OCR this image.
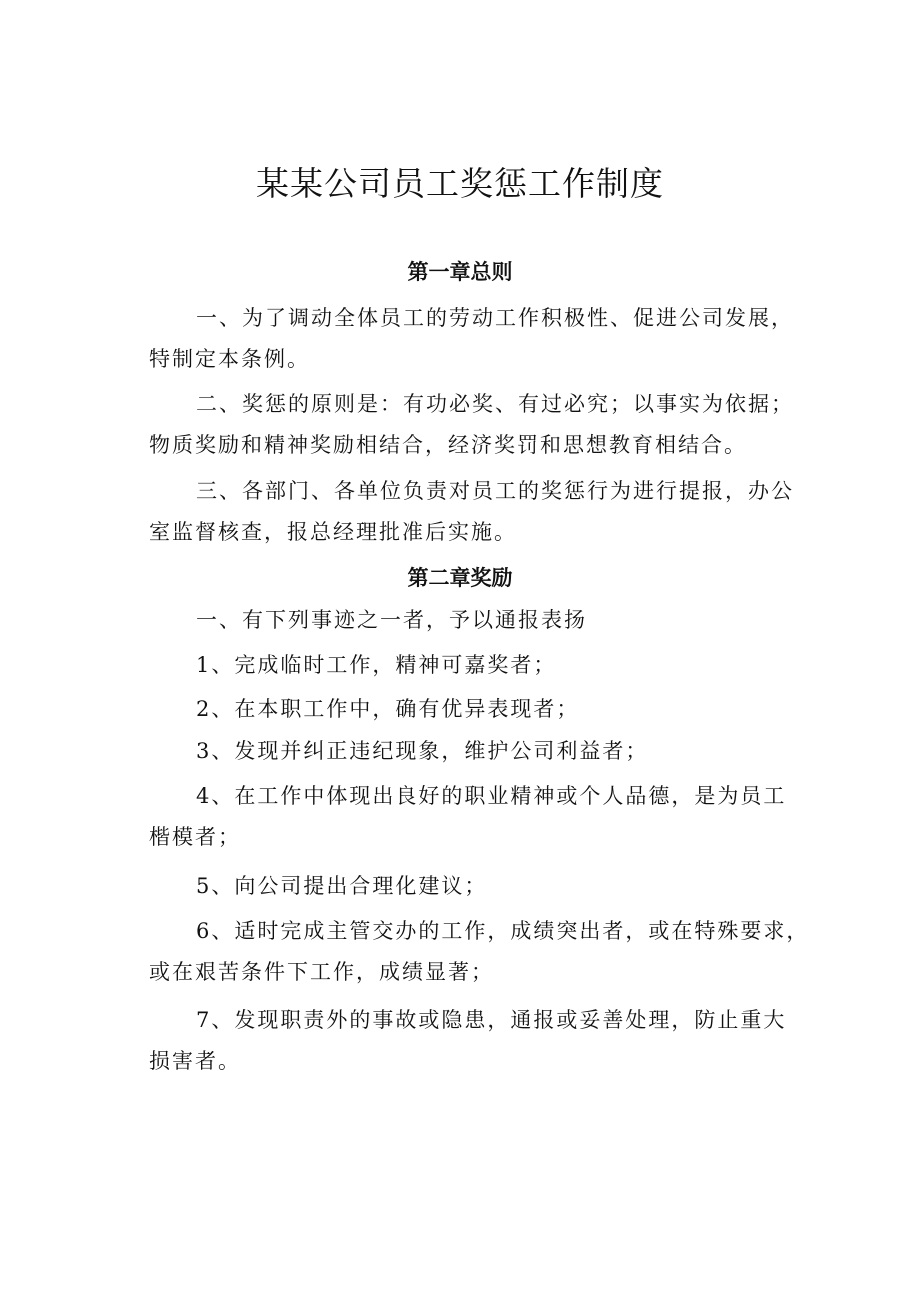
某某公司员工奖惩工作制度
第一章总则
一、为了调动全体员工的劳动工作积极性、促进公司发展，
特制定本条例。
二、奖惩的原则是：有功必奖、有过必究；以事实为依据；
物质奖励和精神奖励相结合，经济奖罚和思想教育相结合。
三、各部门、各单位负责对员工的奖惩行为进行提报，办公
室监督核查，报总经理批准后实施。
第二章奖励
一、有下列事迹之一者，予以通报表扬
1、完成临时工作，精神可嘉奖者；
2、在本职工作中，确有优异表现者；
3、发现并纠正违纪现象，维护公司利益者；
4、在工作中体现出良好的职业精神或个人品德，是为员工
楷模者；
5、向公司提出合理化建议；
6、适时完成主管交办的工作，成绩突出者，或在特殊要求，
或在艰苦条件下工作，成绩显著；
7、发现职责外的事故或隐患，通报或妥善处理，防止重大
损害者。
